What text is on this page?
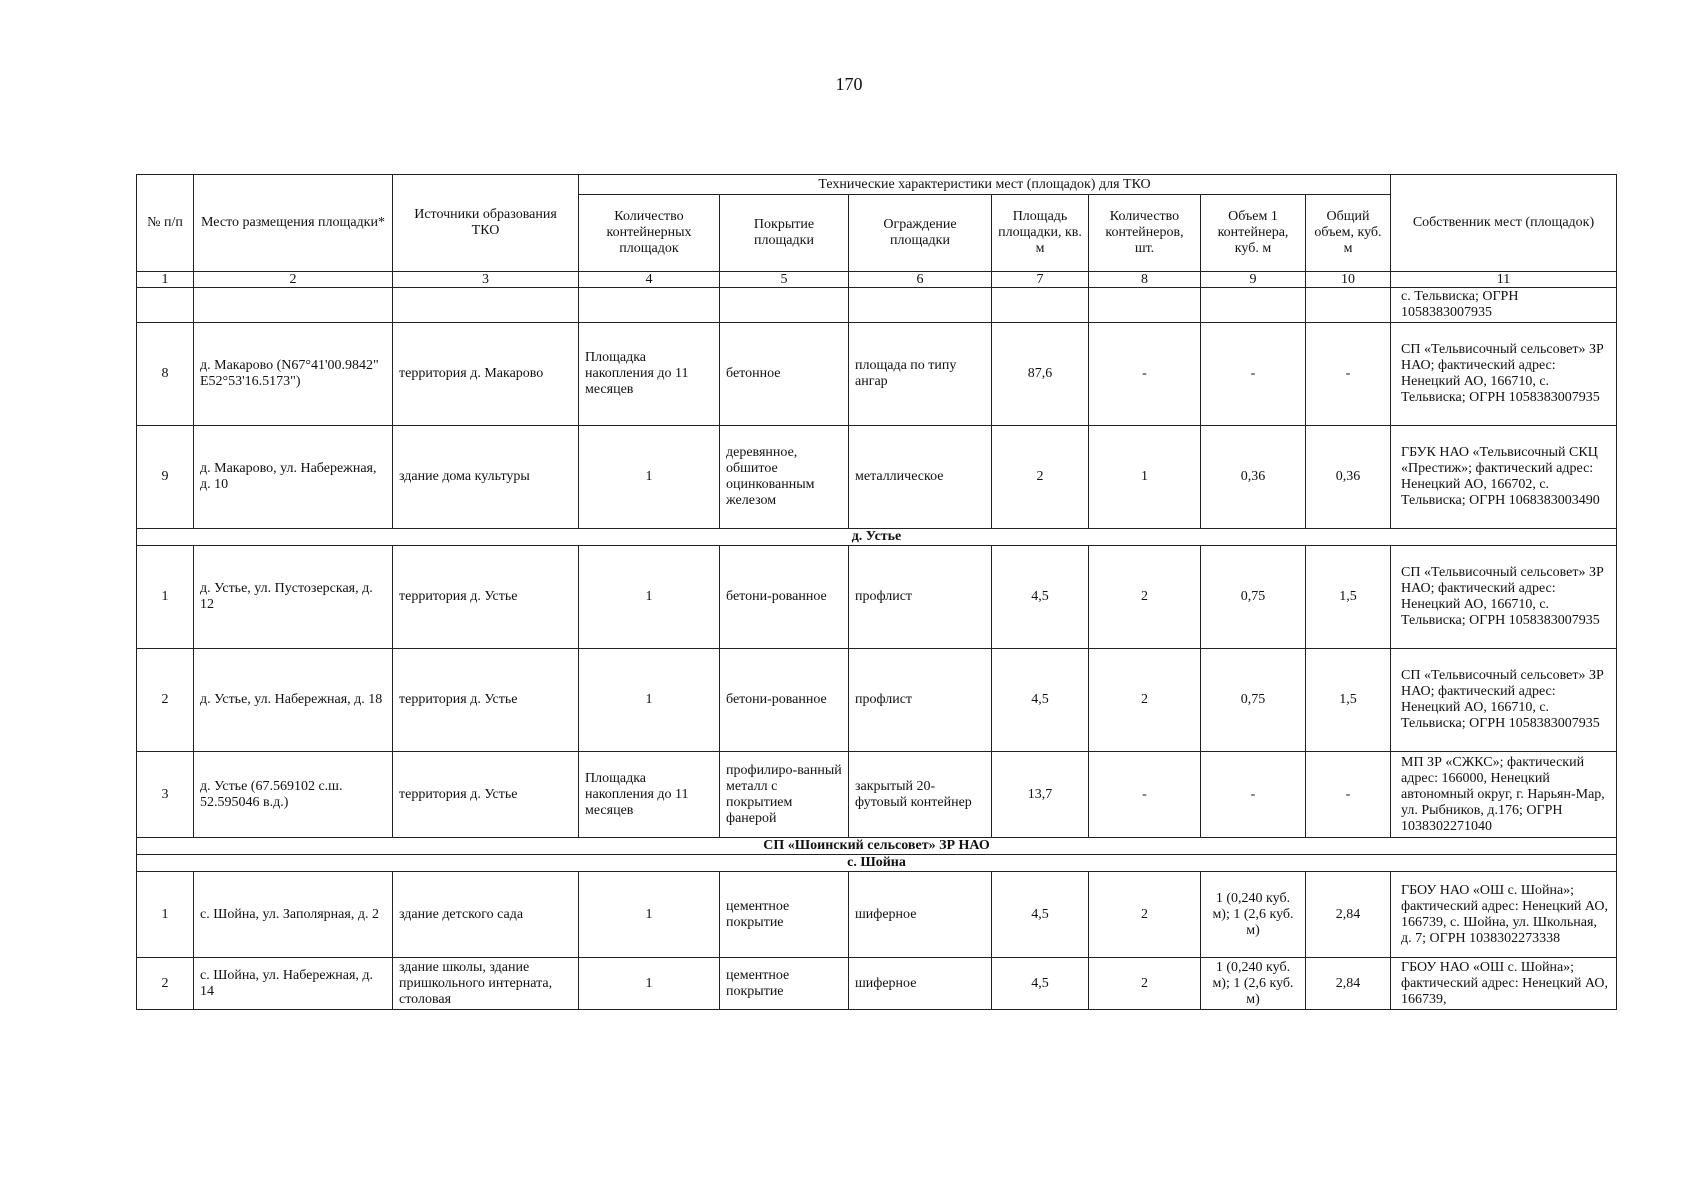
170
№ п/п	Место размещения площадки*	Источники образования ТКО	Технические характеристики мест (площадок) для ТКО							Собственник мест (площадок)
			Количество контейнерных площадок	Покрытие площадки	Ограждение площадки	Площадь площадки, кв. м	Количество контейнеров, шт.	Объем 1 контейнера, куб. м	Общий объем, куб. м	
1	2	3	4	5	6	7	8	9	10	11
										с. Тельвиска; ОГРН 1058383007935
8	д. Макарово (N67°41'00.9842" E52°53'16.5173")	территория д. Макарово	Площадка накопления до 11 месяцев	бетонное	площада по типу ангар	87,6	-	-	-	СП «Тельвисочный сельсовет» ЗР НАО; фактический адрес: Ненецкий АО, 166710, с. Тельвиска; ОГРН 1058383007935
9	д. Макарово, ул. Набережная, д. 10	здание дома культуры	1	деревянное, обшитое оцинкованным железом	металлическое	2	1	0,36	0,36	ГБУК НАО «Тельвисочный СКЦ «Престиж»; фактический адрес: Ненецкий АО, 166702, с. Тельвиска; ОГРН 1068383003490
д. Устье										
1	д. Устье, ул. Пустозерская, д. 12	территория д. Устье	1	бетони-рованное	профлист	4,5	2	0,75	1,5	СП «Тельвисочный сельсовет» ЗР НАО; фактический адрес: Ненецкий АО, 166710, с. Тельвиска; ОГРН 1058383007935
2	д. Устье, ул. Набережная, д. 18	территория д. Устье	1	бетони-рованное	профлист	4,5	2	0,75	1,5	СП «Тельвисочный сельсовет» ЗР НАО; фактический адрес: Ненецкий АО, 166710, с. Тельвиска; ОГРН 1058383007935
3	д. Устье (67.569102 с.ш. 52.595046 в.д.)	территория д. Устье	Площадка накопления до 11 месяцев	профилиро-ванный металл с покрытием фанерой	закрытый 20-футовый контейнер	13,7	-	-	-	МП ЗР «СЖКС»; фактический адрес: 166000, Ненецкий автономный округ, г. Нарьян-Мар, ул. Рыбников, д.176; ОГРН 1038302271040
СП «Шоинский сельсовет» ЗР НАО										
с. Шойна										
1	с. Шойна, ул. Заполярная, д. 2	здание детского сада	1	цементное покрытие	шиферное	4,5	2	1 (0,240 куб. м); 1 (2,6 куб. м)	2,84	ГБОУ НАО «ОШ с. Шойна»; фактический адрес: Ненецкий АО, 166739, с. Шойна, ул. Школьная, д. 7; ОГРН 1038302273338
2	с. Шойна, ул. Набережная, д. 14	здание школы, здание пришкольного интерната, столовая	1	цементное покрытие	шиферное	4,5	2	1 (0,240 куб. м); 1 (2,6 куб. м)	2,84	ГБОУ НАО «ОШ с. Шойна»; фактический адрес: Ненецкий АО, 166739,
